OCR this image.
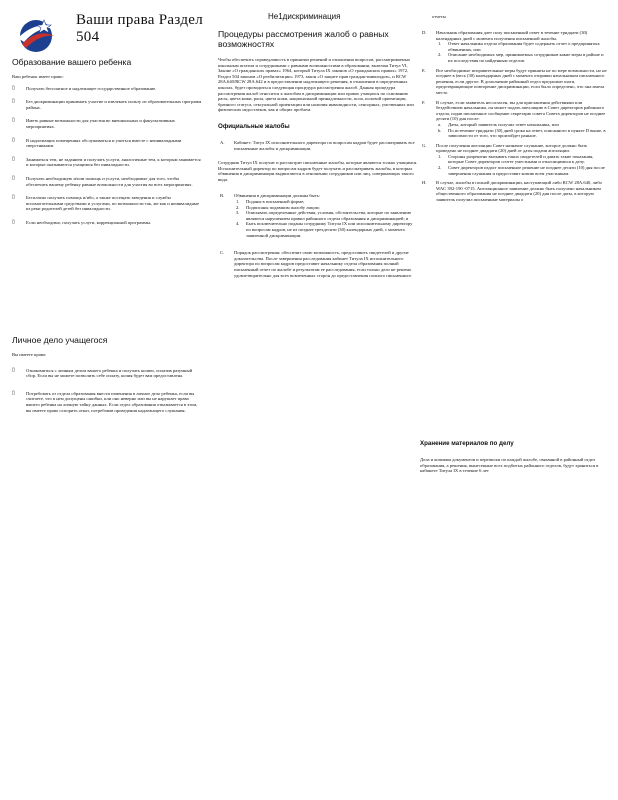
Ваши права Раздел
504
Не1дискриминация	отчеты
Образование вашего ребенка
Ваш ребенок имеет право:
▯ Получать бесплатное и надлежащее государственное образование.
▯ Без дискриминации принимать участие и извлекать пользу из образовательных программ района.
▯ Иметь равные возможности для участия во внешкольных и факультативных мероприятиях.
▯ В надлежащих помещениях обслуживаться и учиться вместе с неинвалидными сверстниками.
▯ Заниматься тем, не заданием и получать услуги, аналогичные тем, к которым занимается и которые оказываются учащимся без инвалидности.
▯ Получать необходимую и/или помощь и услуги, необходимые для того, чтобы обеспечить вашему ребенку равные возможности для участия во всех мероприятиях.
▯ Бесплатно получать помощь и/ибо, а также посещать заведения и службы вспомогательными средствами и услугами, по возможности так, же как и неинвалидные из реки родителей детей без инвалидности.
▯ Если необходимо, получать услуги, коррекционной программы.
Личное дело учащегося
Вы имеете право:
▯ Ознакомиться с личным делом вашего ребенка и получать копию, оплатив разумный сбор. Если вы не можете позволить себе оплату, копия будет вам предоставлена.
▯ Потребовать от отдела образования внести изменения в личное дело ребенка, если вы считаете, что в нем допущены ошибки, или оно неверно или вы не нарушает права вашего ребенка на личную тайну данных. Если отдел образования отказывается в этом, вы имеете право оспорить отказ, потребовав проведения надлежащего слушания.
Процедуры рассмотрения жалоб о равных возможностях
Чтобы обеспечить справедливость в принятии решений и отношении вопросов, рассматриваемых школьным штатом и сотрудниками с равными возможностями в образовании, включая Титул VI, Законе «О гражданских правах» 1964, который Титула IX законов «О гражданских правах» 1972, Раздел 504 законов «О реабилитации» 1973, закон «О защите прав граждан-инвалидов», и RCW 28A.640/RCW 28A.642 и в предоставлении надлежащего решения, в отношении в определенных школах, будет проводиться следующая процедура рассмотрения жалоб. Данная процедура рассмотрения жалоб относится к жалобам в дискриминации или правах учащихся по основанию расы, цвета кожи, расы, цвета кожи, национальной принадлежности, пола, половой ориентации, брачного статуса, сексуальной ориентации или наличия инвалидности, сенсорных, умственных или физических недостатков, как и общих проблем.
Официальные жалобы
A. Кабинет: Титул IX исполнительного директора по вопросам кадров будет рассматривать все письменные жалобы и дискриминации.
Сотрудник Титул IX получит и рассмотрит письменные жалобы, которые являются только учащимся. Исполнительный директор по вопросам кадров будет получать и рассматривать жалобы, в которых обвинения в дискриминации выдвигаются в отношении сотрудников или лиц, совершающих такого вида.
B. Обвинения в дискриминации должны быть:
1. Поданы в письменной форме;
2. Подписаны подавшим жалобу лицом;
3. Описывать определенные действия, условия, обстоятельства, которые по заявлению являются нарушением правил районного отдела образования и дискриминацией; и
4. Быть исключительно поданы сотруднику Титула IX или исполнительному директору по вопросам кадров, не из позднее трехдесяти (30) календарных дней, с момента заявленной дискриминации.
C. Порядок рассмотрения: обеспечит свою возможность, предоставить свидетелей и другие доказательства. После завершения расследования кабинет Титула IX исполнительного директора по вопросам кадров предоставит начальнику отдела образования полный письменный отчет по жалобе и результатам ее расследования, если только дело не решено удовлетворительно для всех вовлеченных сторон до предоставления полного письменного
D. Начальник образования дает полу письменный ответ в течение тридцати (30) календарных дней с момента получения письменной жалобы.
1. Ответ начальника отдела образования будет содержать отчет о предпринятых обвинениях, или
2. Описание необходимых мер, принимаемых сотрудников какие меры в районе и их последствия по найденным отделов.
E. Все необходимые исправительные меры будут приняты не по мере возможности, но не позднее в (весь (30) календарных дней с момента отправки начальником письменного решения, если другое. В дополнение районный отдел предложит шаги, предотвращающие повторение дискриминации, если было определено, что она имела место.
F. В случае, если заявитель несогласен, вы для приглашения действиями или бездействием начальника, он может подать апелляцию в Совет директоров районного отдела, подав письменное сообщение секретарю совета Совета директоров не позднее десяти (10) дня после:
a. Даты, который заявитель получил ответ начальника, или
b. По истечение тридцати (30) дней срока на ответ, описанного в пункте D выше, в зависимости от того, что произойдет раньше.
G. После получения апелляции Совет назначит слушание, которое должно быть проведено не позднее двадцати (20) дней от даты подачи апелляции.
1. Стороны разрешено вызывать таких свидетелей и давать такие показания, которые Совет директоров сочтет уместными и относящимися к делу.
2. Совет директоров издаст письменное решение не позднее десяти (10) дня после завершения слушания и предоставит копию всем участникам.
H. В случае, жалобы в полной дискриминации, наступающий либо RCW 28A.640, либо WAC 392-190 -0715. Апелляционное заявление должно быть получено начальником общественного образования не позднее двадцати (20) дня после даты, в которую заявитель получил письменные материалы о
Хранение материалов по делу
Дела и копиями документов и переписки по каждой жалобе, связанной в районный отдел образования, а решения, вынесенные всех подбитых районного отделов, будут храниться в кабинете Титула IX в течение 6 лет
